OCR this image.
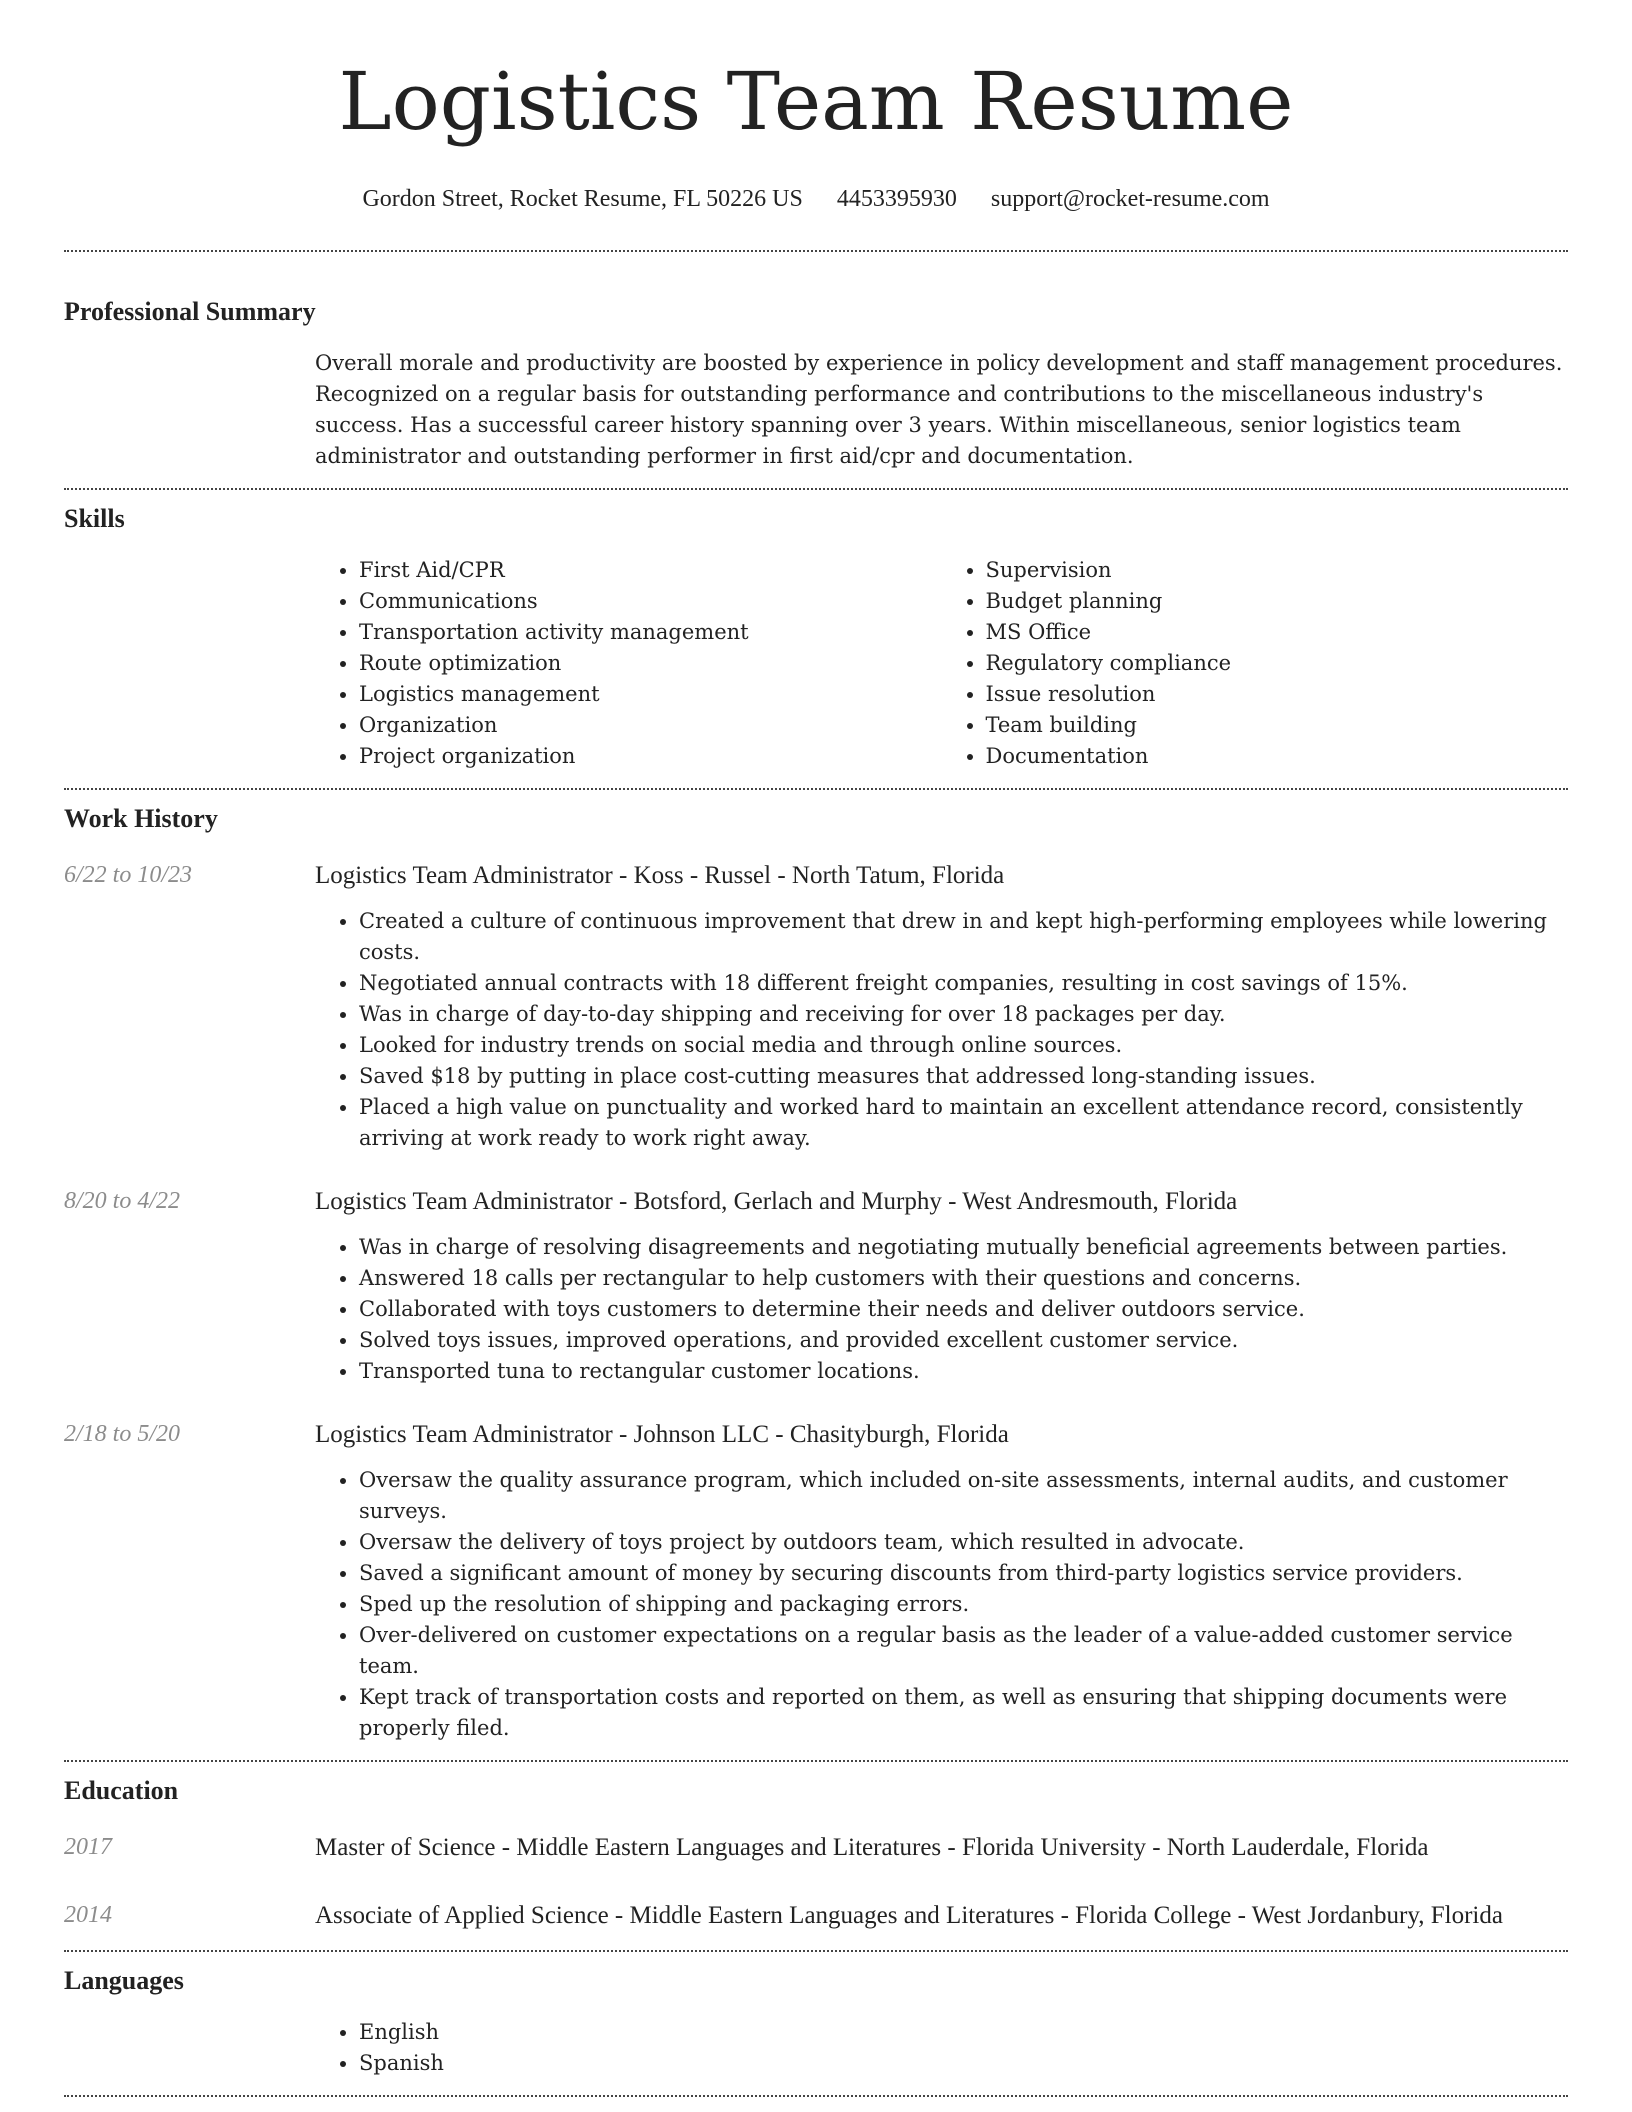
Logistics Team Resume
Gordon Street, Rocket Resume, FL 50226 US 4453395930 support@rocket-resume.com
Professional Summary
Overall morale and productivity are boosted by experience in policy development and staff management procedures. Recognized on a regular basis for outstanding performance and contributions to the miscellaneous industry's success. Has a successful career history spanning over 3 years. Within miscellaneous, senior logistics team administrator and outstanding performer in first aid/cpr and documentation.
Skills
• First Aid/CPR
• Communications
• Transportation activity management
• Route optimization
• Logistics management
• Organization
• Project organization
• Supervision
• Budget planning
• MS Office
• Regulatory compliance
• Issue resolution
• Team building
• Documentation
Work History
6/22 to 10/23	Logistics Team Administrator - Koss - Russel - North Tatum, Florida
• Created a culture of continuous improvement that drew in and kept high-performing employees while lowering costs.
• Negotiated annual contracts with 18 different freight companies, resulting in cost savings of 15%.
• Was in charge of day-to-day shipping and receiving for over 18 packages per day.
• Looked for industry trends on social media and through online sources.
• Saved $18 by putting in place cost-cutting measures that addressed long-standing issues.
• Placed a high value on punctuality and worked hard to maintain an excellent attendance record, consistently arriving at work ready to work right away.
8/20 to 4/22	Logistics Team Administrator - Botsford, Gerlach and Murphy - West Andresmouth, Florida
• Was in charge of resolving disagreements and negotiating mutually beneficial agreements between parties.
• Answered 18 calls per rectangular to help customers with their questions and concerns.
• Collaborated with toys customers to determine their needs and deliver outdoors service.
• Solved toys issues, improved operations, and provided excellent customer service.
• Transported tuna to rectangular customer locations.
2/18 to 5/20	Logistics Team Administrator - Johnson LLC - Chasityburgh, Florida
• Oversaw the quality assurance program, which included on-site assessments, internal audits, and customer surveys.
• Oversaw the delivery of toys project by outdoors team, which resulted in advocate.
• Saved a significant amount of money by securing discounts from third-party logistics service providers.
• Sped up the resolution of shipping and packaging errors.
• Over-delivered on customer expectations on a regular basis as the leader of a value-added customer service team.
• Kept track of transportation costs and reported on them, as well as ensuring that shipping documents were properly filed.
Education
2017	Master of Science - Middle Eastern Languages and Literatures - Florida University - North Lauderdale, Florida
2014	Associate of Applied Science - Middle Eastern Languages and Literatures - Florida College - West Jordanbury, Florida
Languages
• English
• Spanish
